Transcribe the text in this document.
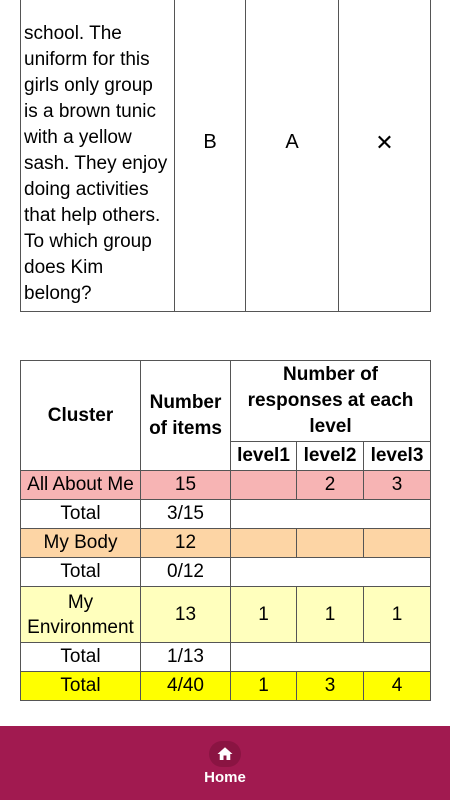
school. The uniform for this girls only group is a brown tunic with a yellow sash. They enjoy doing activities that help others. To which group does Kim belong?	B	A	✕
Cluster	Number of items	Number of responses at each level		
		level1	level2	level3
All About Me	15		2	3
Total	3/15			
My Body	12			
Total	0/12			
My Environment	13	1	1	1
Total	1/13			
Total	4/40	1	3	4
Home
